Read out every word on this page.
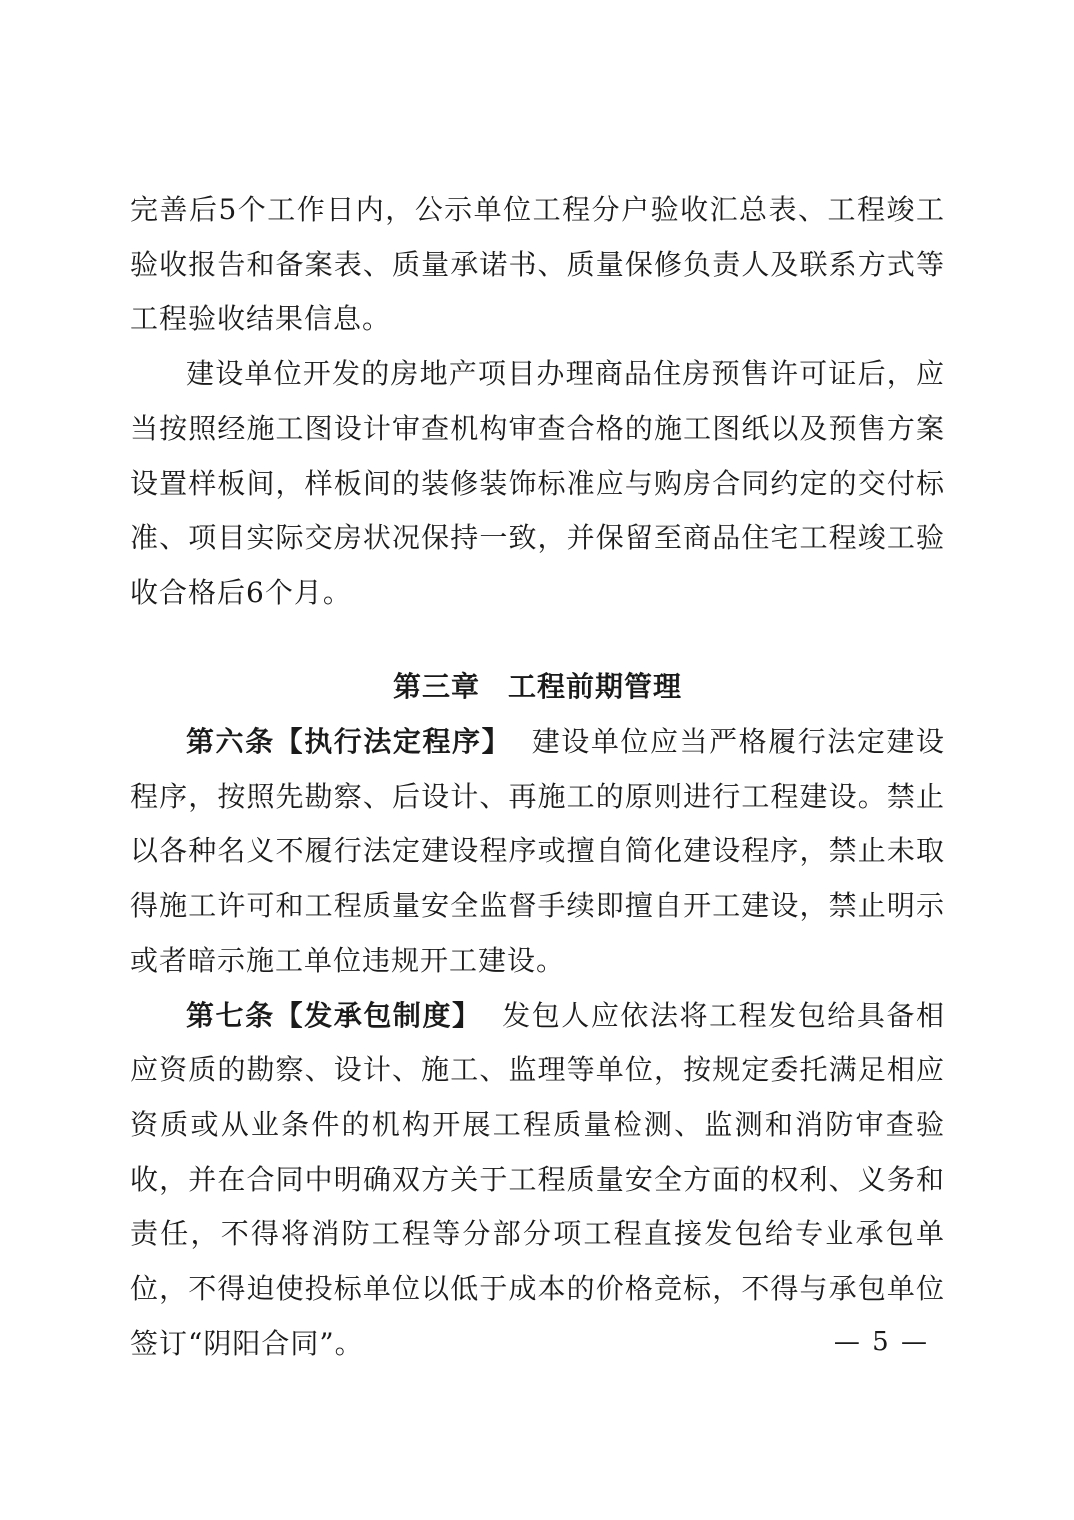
完善后5个工作日内，公示单位工程分户验收汇总表、工程竣工验收报告和备案表、质量承诺书、质量保修负责人及联系方式等工程验收结果信息。

建设单位开发的房地产项目办理商品住房预售许可证后，应当按照经施工图设计审查机构审查合格的施工图纸以及预售方案设置样板间，样板间的装修装饰标准应与购房合同约定的交付标准、项目实际交房状况保持一致，并保留至商品住宅工程竣工验收合格后6个月。

第三章 工程前期管理

第六条【执行法定程序】 建设单位应当严格履行法定建设程序，按照先勘察、后设计、再施工的原则进行工程建设。禁止以各种名义不履行法定建设程序或擅自简化建设程序，禁止未取得施工许可和工程质量安全监督手续即擅自开工建设，禁止明示或者暗示施工单位违规开工建设。

第七条【发承包制度】 发包人应依法将工程发包给具备相应资质的勘察、设计、施工、监理等单位，按规定委托满足相应资质或从业条件的机构开展工程质量检测、监测和消防审查验收，并在合同中明确双方关于工程质量安全方面的权利、义务和责任，不得将消防工程等分部分项工程直接发包给专业承包单位，不得迫使投标单位以低于成本的价格竞标，不得与承包单位签订“阴阳合同”。	— 5 —
